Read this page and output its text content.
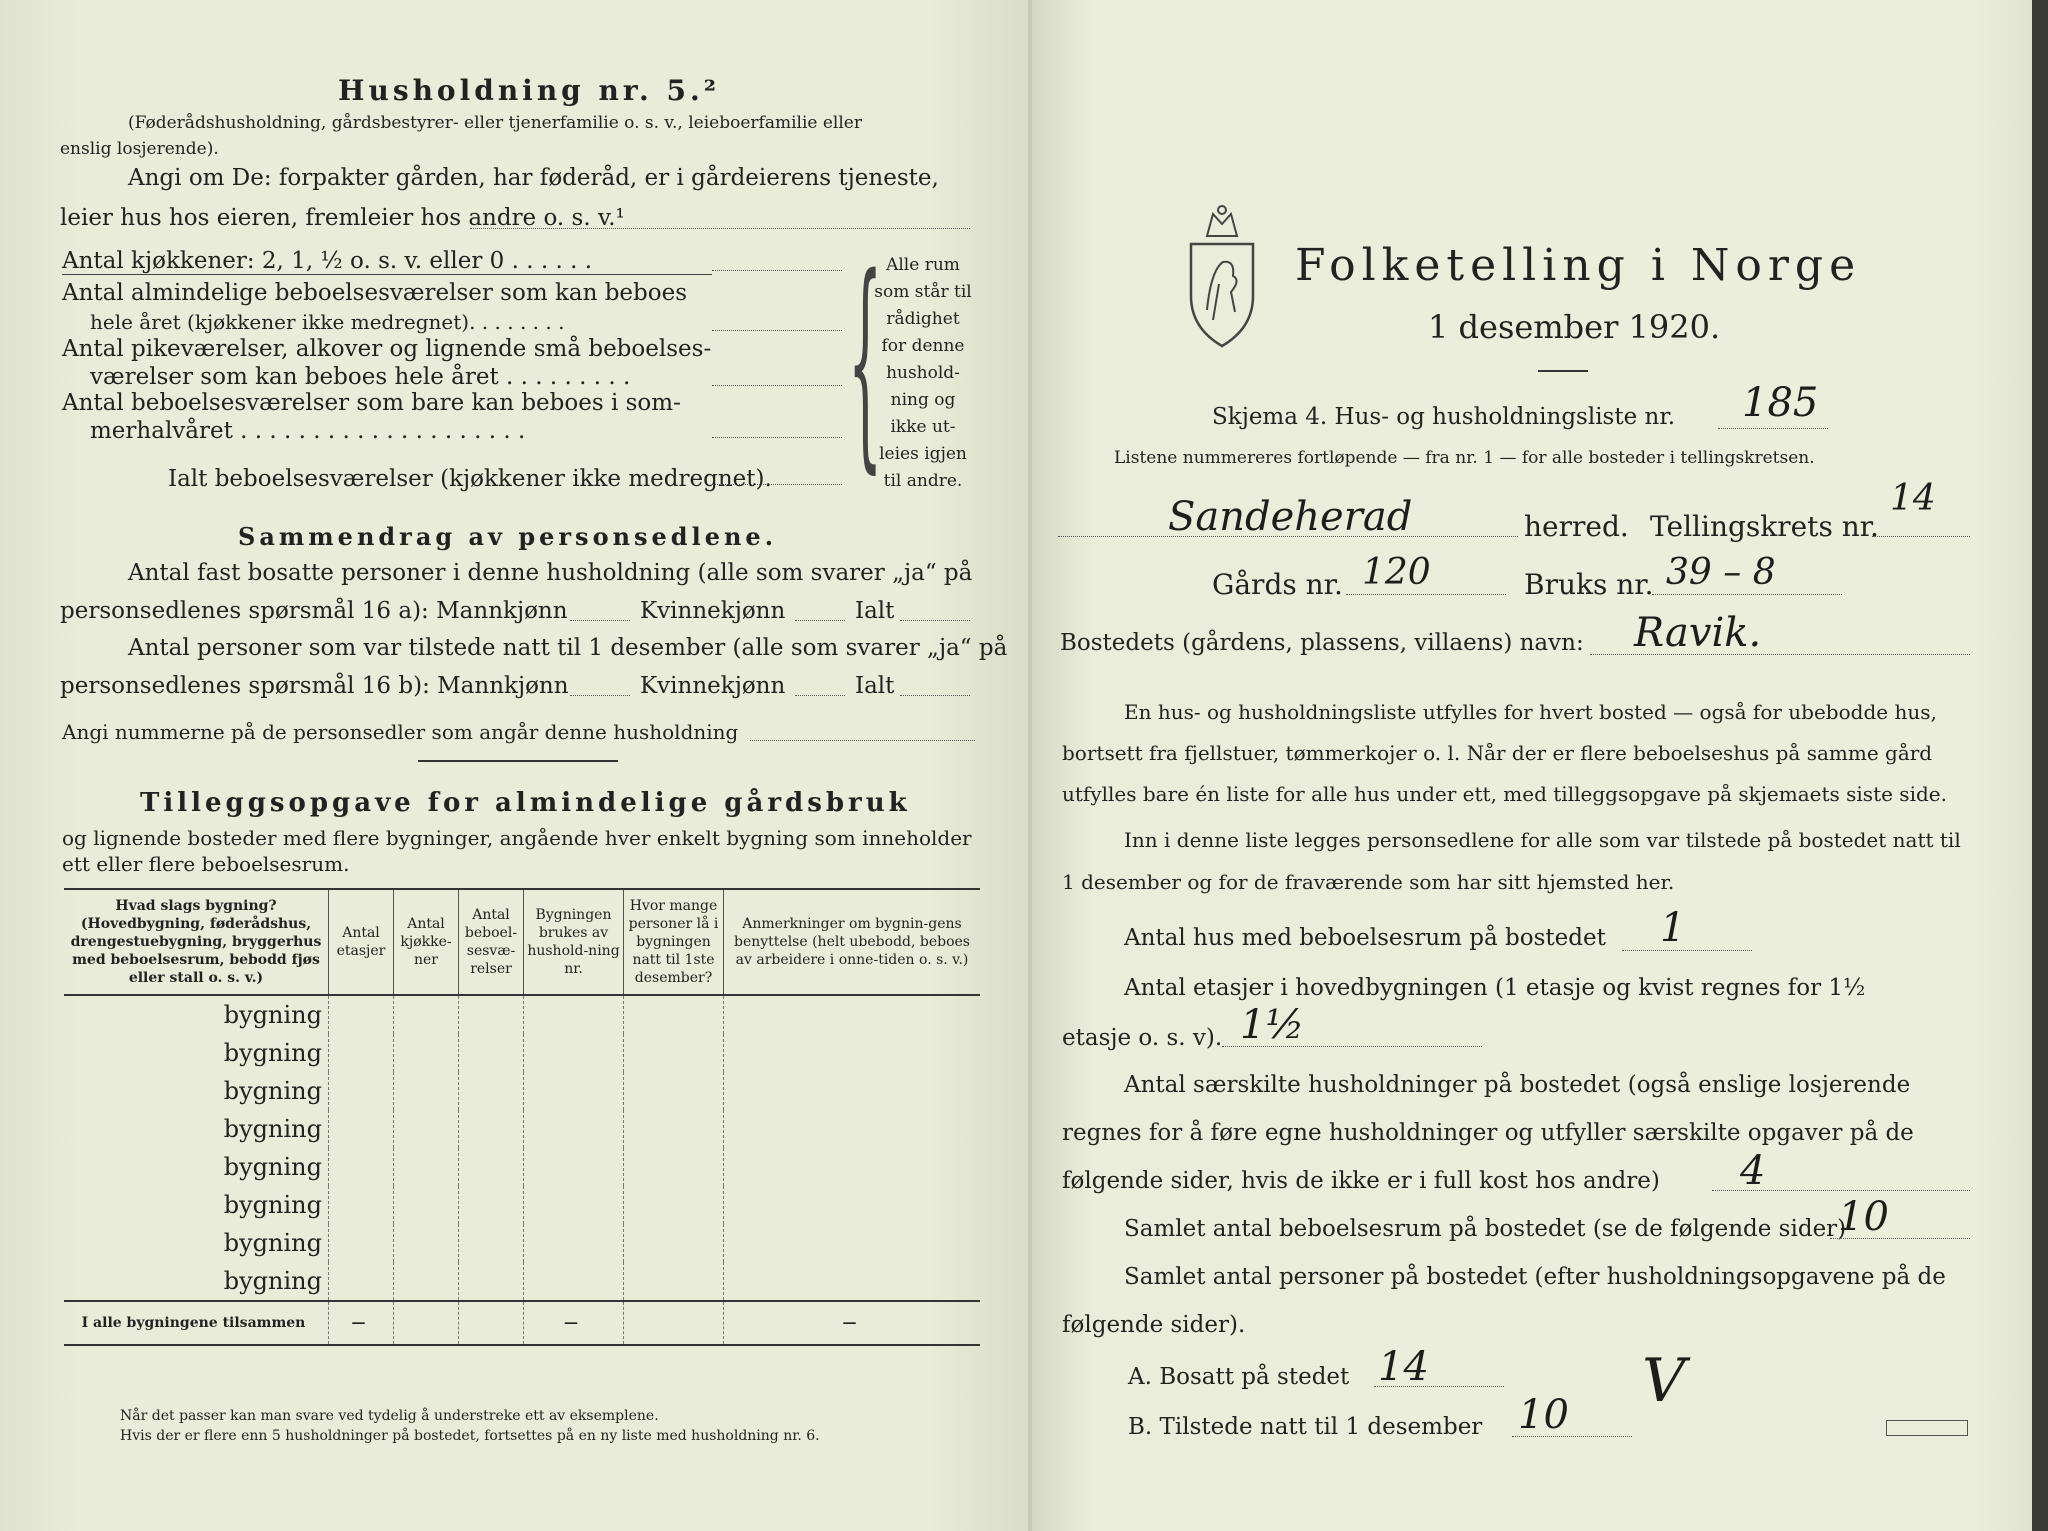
Husholdning nr. 5.²
(Føderådshusholdning, gårdsbestyrer- eller tjenerfamilie o. s. v., leieboerfamilie eller
enslig losjerende).
Angi om De: forpakter gården, har føderåd, er i gårdeierens tjeneste,
leier hus hos eieren, fremleier hos andre o. s. v.¹
Antal kjøkkener: 2, 1, ½ o. s. v. eller 0 . . . . . .
Antal almindelige beboelsesværelser som kan beboes
hele året (kjøkkener ikke medregnet). . . . . . . .
Antal pikeværelser, alkover og lignende små beboelses-
værelser som kan beboes hele året . . . . . . . . .
Antal beboelsesværelser som bare kan beboes i som-
merhalvåret . . . . . . . . . . . . . . . . . . . .
Ialt beboelsesværelser (kjøkkener ikke medregnet). { Alle rum
som står til
rådighet
for denne
hushold-
ning og
ikke ut-
leies igjen
til andre.
Sammendrag av personsedlene.
Antal fast bosatte personer i denne husholdning (alle som svarer „ja“ på
personsedlenes spørsmål 16 a): Mannkjønn	Kvinnekjønn	Ialt
Antal personer som var tilstede natt til 1 desember (alle som svarer „ja“ på
personsedlenes spørsmål 16 b): Mannkjønn	Kvinnekjønn	Ialt
Angi nummerne på de personsedler som angår denne husholdning
Tilleggsopgave for almindelige gårdsbruk
og lignende bosteder med flere bygninger, angående hver enkelt bygning som inneholder
ett eller flere beboelsesrum.
Hvad slags bygning?
(Hovedbygning, føderådshus, drengestuebygning, bryggerhus med beboelsesrum, bebodd fjøs eller stall o. s. v.)	Antal etasjer	Antal kjøkke-ner	Antal beboel-sesvæ-relser	Bygningen brukes av hushold-ning nr.	Hvor mange personer lå i bygningen natt til 1ste desember?	Anmerkninger om bygnin-gens benyttelse (helt ubebodd, beboes av arbeidere i onne-tiden o. s. v.)
bygning						
bygning						
bygning						
bygning						
bygning						
bygning						
bygning						
bygning						
I alle bygningene tilsammen	—			—		—
Når det passer kan man svare ved tydelig å understreke ett av eksemplene.
Hvis der er flere enn 5 husholdninger på bostedet, fortsettes på en ny liste med husholdning nr. 6.
Folketelling i Norge
1 desember 1920.
Skjema 4. Hus- og husholdningsliste nr. 185
Listene nummereres fortløpende — fra nr. 1 — for alle bosteder i tellingskretsen.
Sandeherad	herred. Tellingskrets nr.
14
Gårds nr. 120	Bruks nr. 39 – 8
Bostedets (gårdens, plassens, villaens) navn: Ravik.
En hus- og husholdningsliste utfylles for hvert bosted — også for ubebodde hus,
bortsett fra fjellstuer, tømmerkojer o. l. Når der er flere beboelseshus på samme gård
utfylles bare én liste for alle hus under ett, med tilleggsopgave på skjemaets siste side.
Inn i denne liste legges personsedlene for alle som var tilstede på bostedet natt til
1 desember og for de fraværende som har sitt hjemsted her.
Antal hus med beboelsesrum på bostedet 1
Antal etasjer i hovedbygningen (1 etasje og kvist regnes for 1½
etasje o. s. v). 1½
Antal særskilte husholdninger på bostedet (også enslige losjerende
regnes for å føre egne husholdninger og utfyller særskilte opgaver på de
følgende sider, hvis de ikke er i full kost hos andre) 4
Samlet antal beboelsesrum på bostedet (se de følgende sider)
10
Samlet antal personer på bostedet (efter husholdningsopgavene på de
følgende sider).
A. Bosatt på stedet 14
B. Tilstede natt til 1 desember 10 V
